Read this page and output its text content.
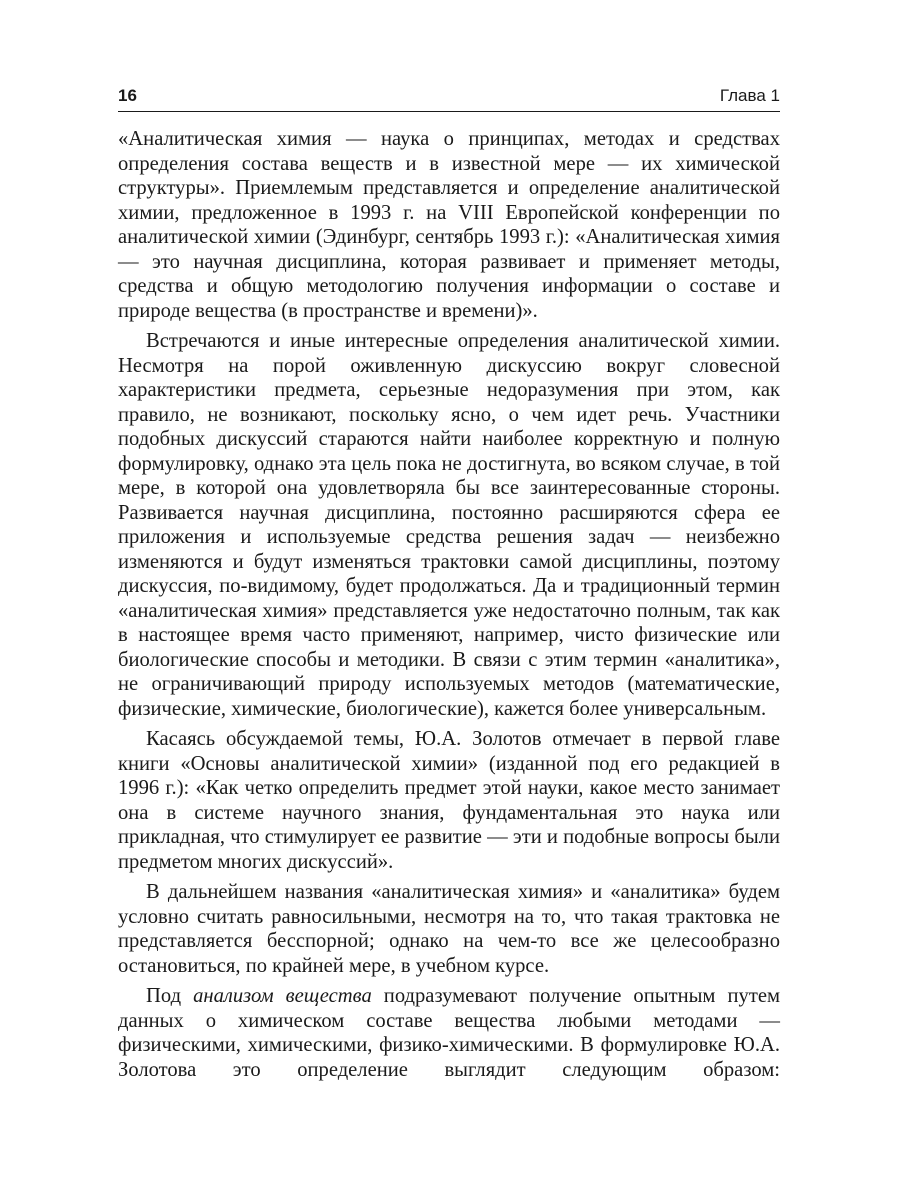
16	Глава 1

«Аналитическая химия — наука о принципах, методах и средствах определения состава веществ и в известной мере — их химической структуры». Приемлемым представляется и определение аналитической химии, предложенное в 1993 г. на VIII Европейской конференции по аналитической химии (Эдинбург, сентябрь 1993 г.): «Аналитическая химия — это научная дисциплина, которая развивает и применяет методы, средства и общую методологию получения информации о составе и природе вещества (в пространстве и времени)».

Встречаются и иные интересные определения аналитической химии. Несмотря на порой оживленную дискуссию вокруг словесной характеристики предмета, серьезные недоразумения при этом, как правило, не возникают, поскольку ясно, о чем идет речь. Участники подобных дискуссий стараются найти наиболее корректную и полную формулировку, однако эта цель пока не достигнута, во всяком случае, в той мере, в которой она удовлетворяла бы все заинтересованные стороны. Развивается научная дисциплина, постоянно расширяются сфера ее приложения и используемые средства решения задач — неизбежно изменяются и будут изменяться трактовки самой дисциплины, поэтому дискуссия, по-видимому, будет продолжаться. Да и традиционный термин «аналитическая химия» представляется уже недостаточно полным, так как в настоящее время часто применяют, например, чисто физические или биологические способы и методики. В связи с этим термин «аналитика», не ограничивающий природу используемых методов (математические, физические, химические, биологические), кажется более универсальным.

Касаясь обсуждаемой темы, Ю.А. Золотов отмечает в первой главе книги «Основы аналитической химии» (изданной под его редакцией в 1996 г.): «Как четко определить предмет этой науки, какое место занимает она в системе научного знания, фундаментальная это наука или прикладная, что стимулирует ее развитие — эти и подобные вопросы были предметом многих дискуссий».

В дальнейшем названия «аналитическая химия» и «аналитика» будем условно считать равносильными, несмотря на то, что такая трактовка не представляется бесспорной; однако на чем-то все же целесообразно остановиться, по крайней мере, в учебном курсе.

Под анализом вещества подразумевают получение опытным путем данных о химическом составе вещества любыми методами — физическими, химическими, физико-химическими. В формулировке Ю.А. Золотова это определение выглядит следующим образом:
